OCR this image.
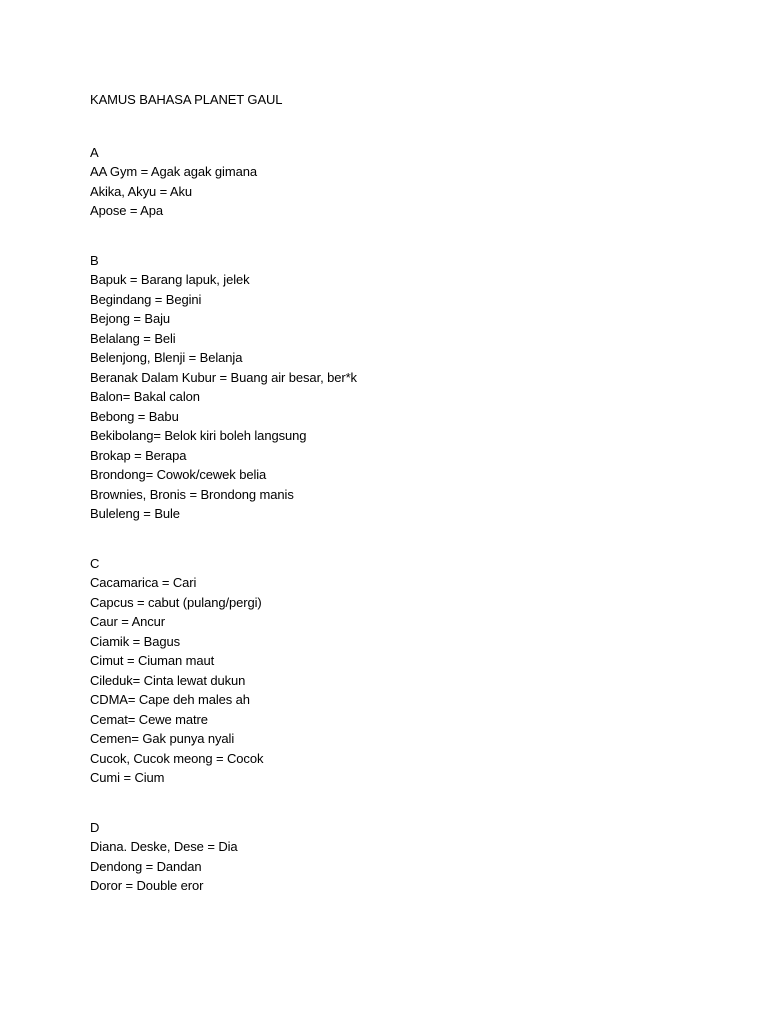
KAMUS BAHASA PLANET GAUL
A
AA Gym = Agak agak gimana
Akika, Akyu = Aku
Apose = Apa
B
Bapuk = Barang lapuk, jelek
Begindang = Begini
Bejong = Baju
Belalang = Beli
Belenjong, Blenji = Belanja
Beranak Dalam Kubur = Buang air besar, ber*k
Balon= Bakal calon
Bebong = Babu
Bekibolang= Belok kiri boleh langsung
Brokap = Berapa
Brondong= Cowok/cewek belia
Brownies, Bronis = Brondong manis
Buleleng = Bule
C
Cacamarica = Cari
Capcus = cabut (pulang/pergi)
Caur = Ancur
Ciamik = Bagus
Cimut = Ciuman maut
Cileduk= Cinta lewat dukun
CDMA= Cape deh males ah
Cemat= Cewe matre
Cemen= Gak punya nyali
Cucok, Cucok meong = Cocok
Cumi = Cium
D
Diana. Deske, Dese = Dia
Dendong = Dandan
Doror = Double eror
